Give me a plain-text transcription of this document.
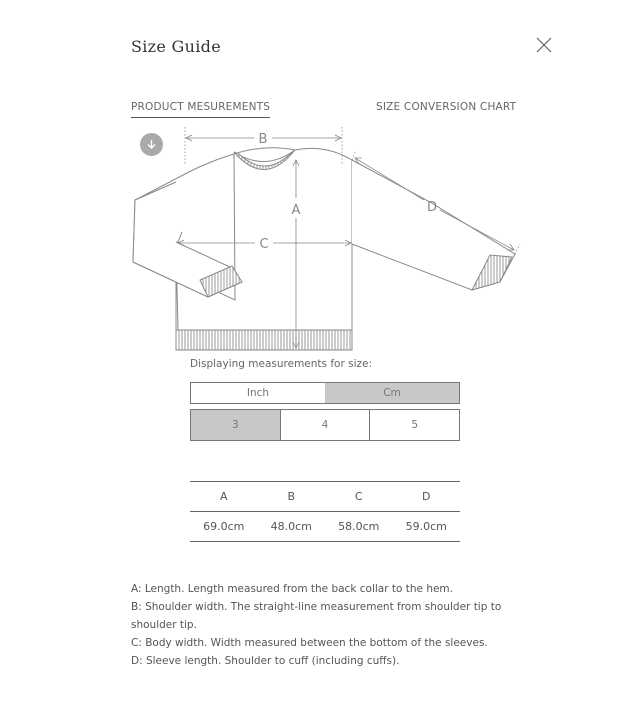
Size Guide
PRODUCT MESUREMENTS	SIZE CONVERSION CHART
B
A
C
D
Displaying measurements for size:
Inch	Cm
3	4	5
A	B	C	D
69.0cm	48.0cm	58.0cm	59.0cm

A: Length. Length measured from the back collar to the hem.

B: Shoulder width. The straight-line measurement from shoulder tip to shoulder tip.

C: Body width. Width measured between the bottom of the sleeves.

D: Sleeve length. Shoulder to cuff (including cuffs).
